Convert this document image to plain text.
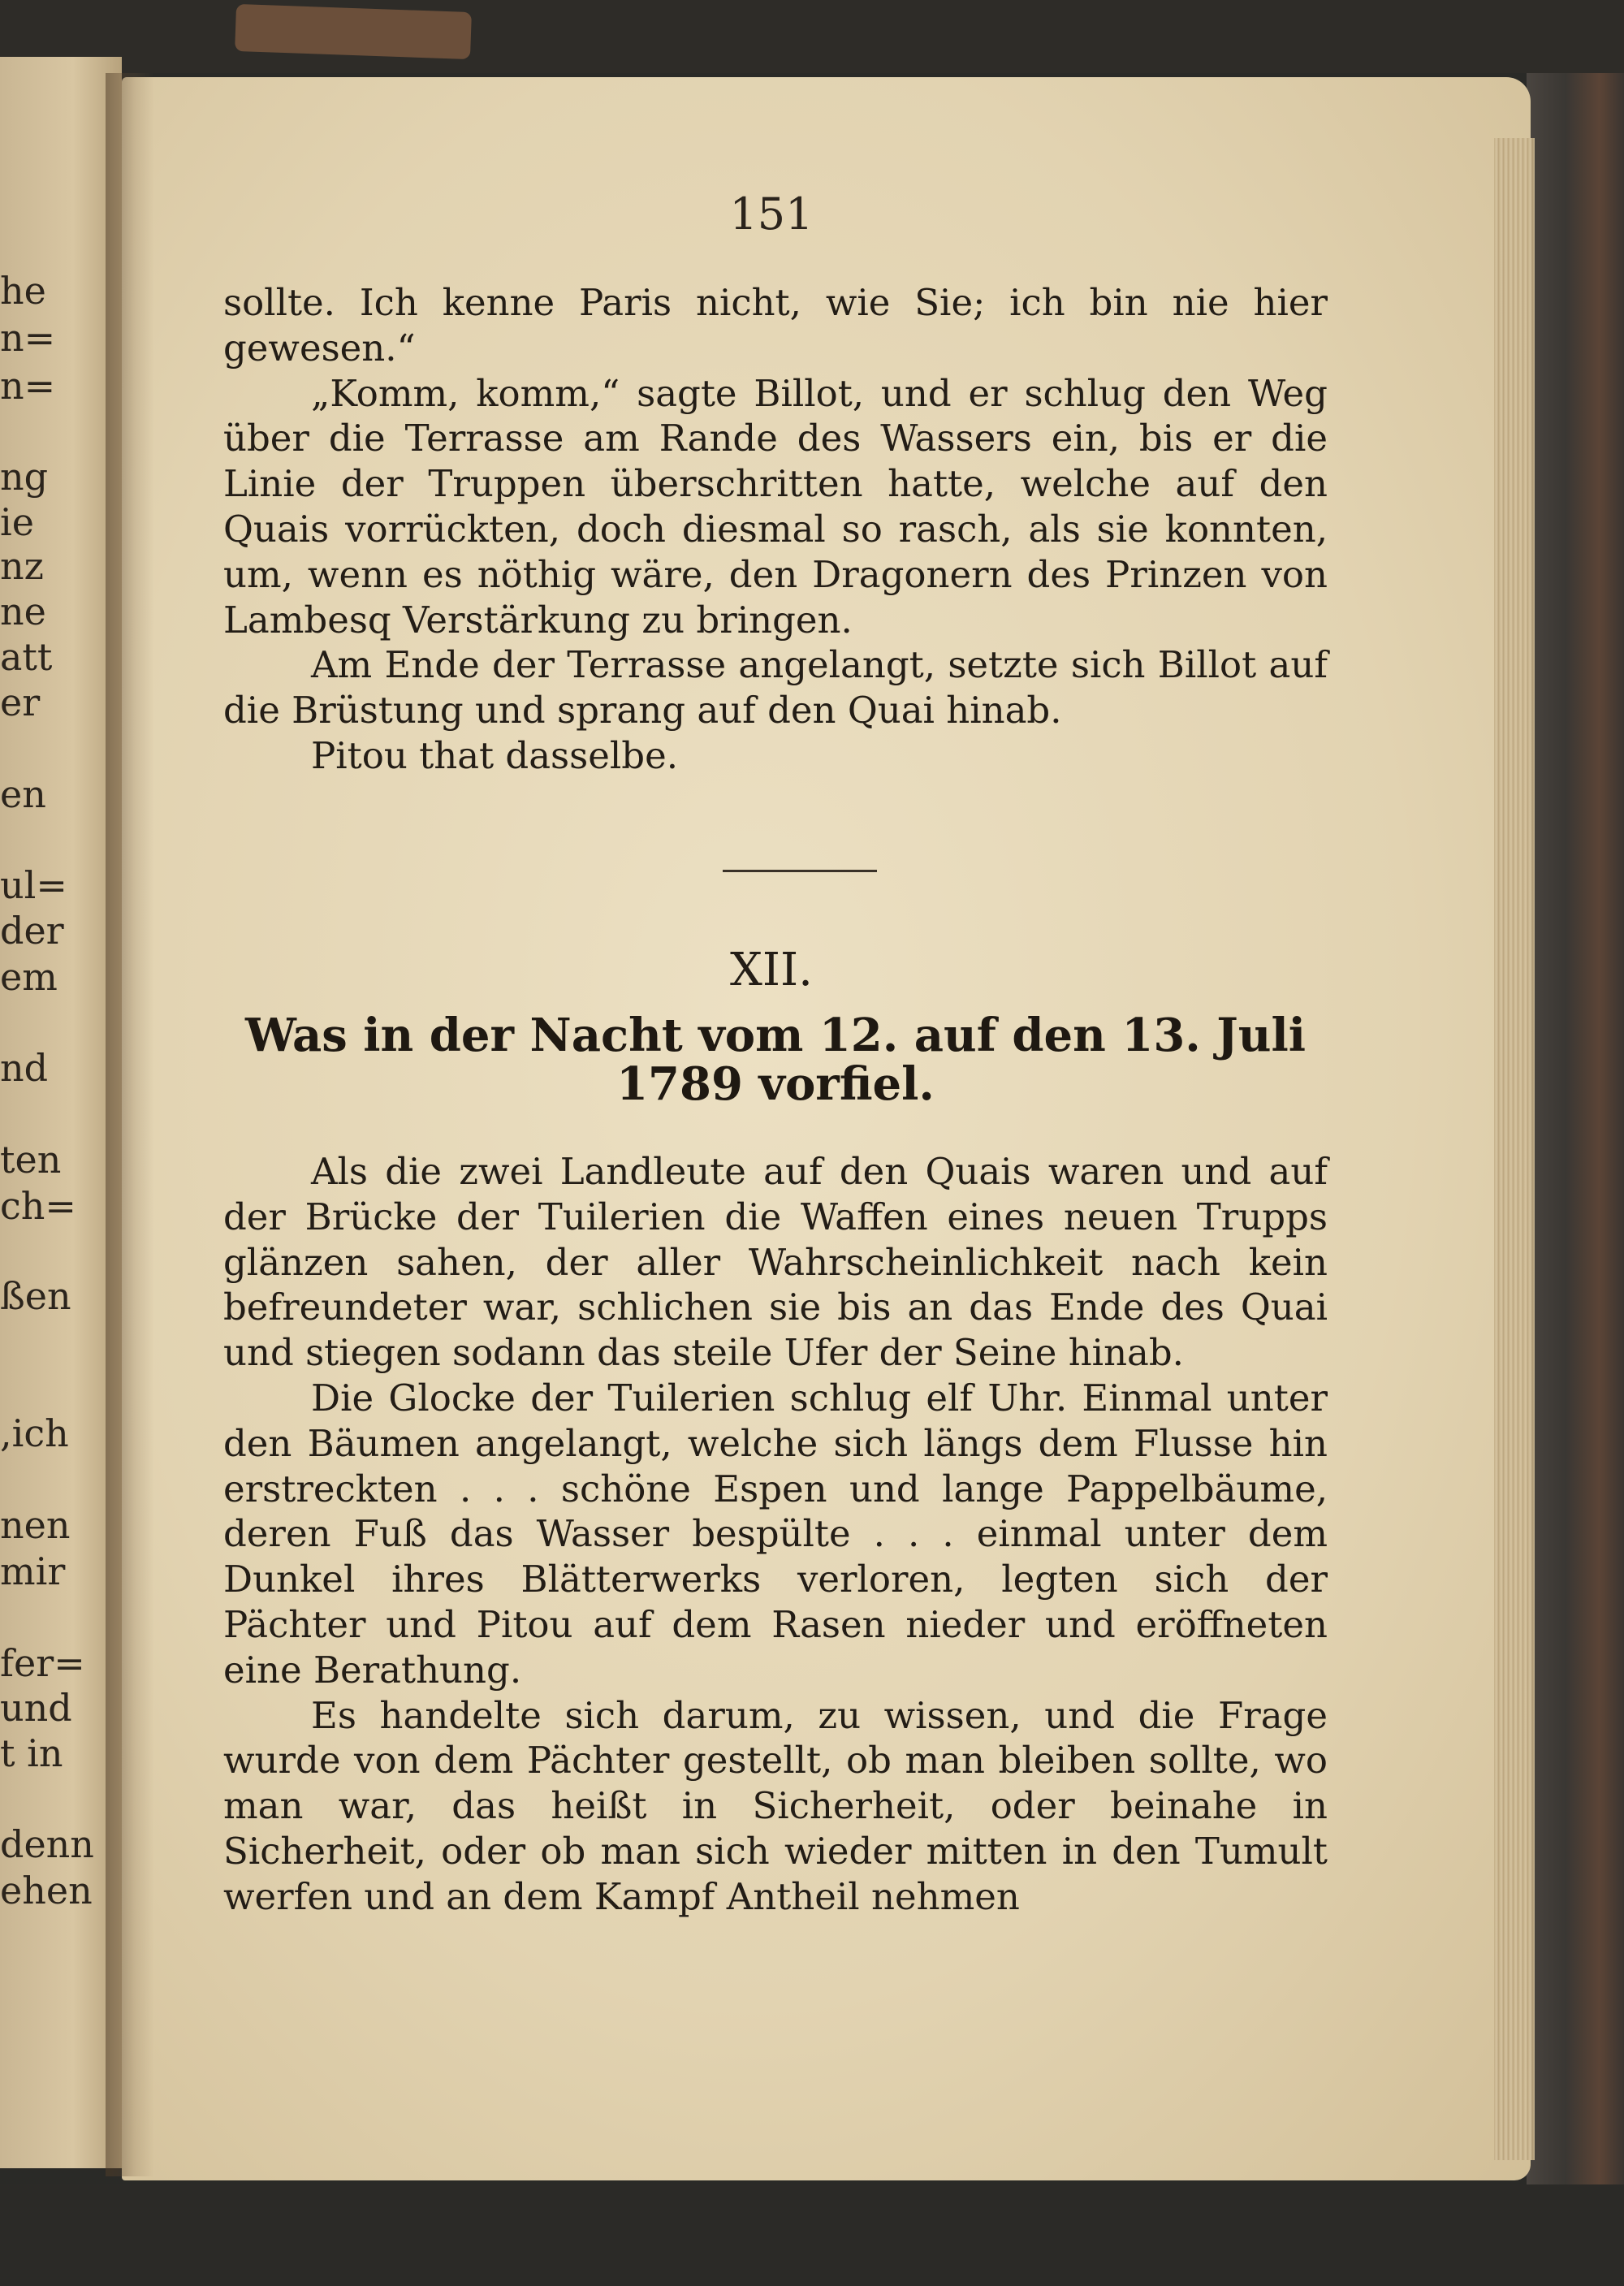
he
n=
n=
ng
ie
nz
ne
att
er
en
ul=
der
em
nd
ten
ch=
ßen
,ich
nen
mir
fer=
und
t in
denn
ehen
151

sollte. Ich kenne Paris nicht, wie Sie; ich bin nie hier gewesen.“

„Komm, komm,“ sagte Billot, und er schlug den Weg über die Terrasse am Rande des Wassers ein, bis er die Linie der Truppen überschritten hatte, welche auf den Quais vorrückten, doch diesmal so rasch, als sie konnten, um, wenn es nöthig wäre, den Dragonern des Prinzen von Lambesq Verstärkung zu bringen.

Am Ende der Terrasse angelangt, setzte sich Billot auf die Brüstung und sprang auf den Quai hinab.

Pitou that dasselbe.

XII.
Was in der Nacht vom 12. auf den 13. Juli
1789 vorfiel.

Als die zwei Landleute auf den Quais waren und auf der Brücke der Tuilerien die Waffen eines neuen Trupps glänzen sahen, der aller Wahrscheinlichkeit nach kein befreundeter war, schlichen sie bis an das Ende des Quai und stiegen sodann das steile Ufer der Seine hinab.

Die Glocke der Tuilerien schlug elf Uhr. Einmal unter den Bäumen angelangt, welche sich längs dem Flusse hin erstreckten . . . schöne Espen und lange Pappelbäume, deren Fuß das Wasser bespülte . . . einmal unter dem Dunkel ihres Blätterwerks verloren, legten sich der Pächter und Pitou auf dem Rasen nieder und eröffneten eine Berathung.

Es handelte sich darum, zu wissen, und die Frage wurde von dem Pächter gestellt, ob man bleiben sollte, wo man war, das heißt in Sicherheit, oder beinahe in Sicherheit, oder ob man sich wieder mitten in den Tumult werfen und an dem Kampf Antheil nehmen
